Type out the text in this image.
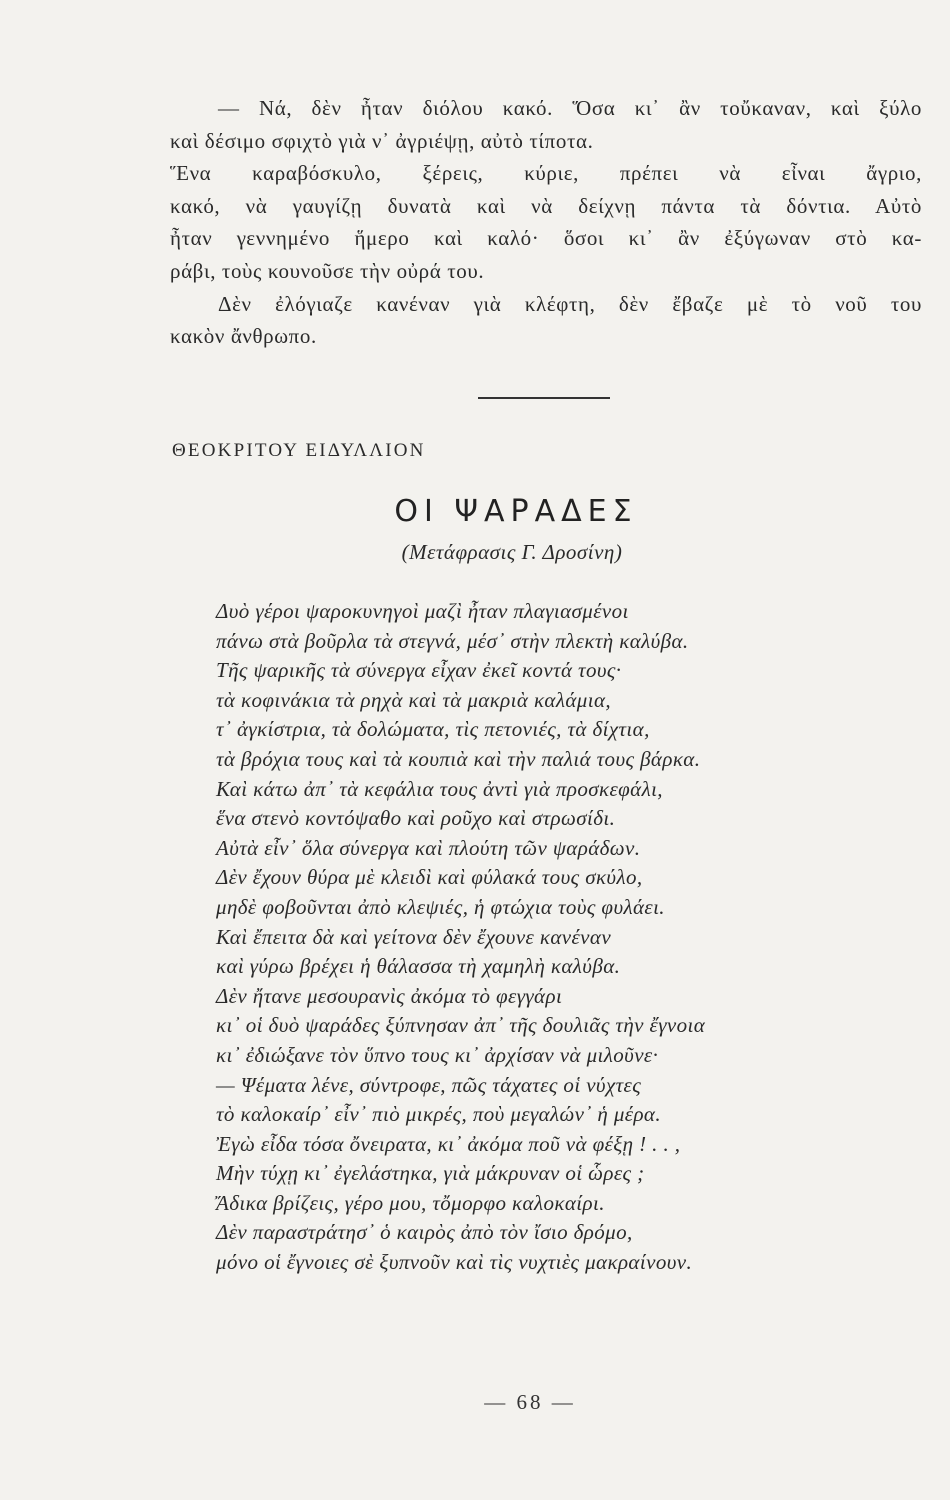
— Νά, δὲν ἦταν διόλου κακό. Ὅσα κι᾽ ἂν τοὔκαναν, καὶ ξύλο
καὶ δέσιμο σφιχτὸ γιὰ ν᾽ ἀγριέψῃ, αὐτὸ τίποτα.
Ἕνα καραβόσκυλο, ξέρεις, κύριε, πρέπει νὰ εἶναι ἄγριο,
κακό, νὰ γαυγίζῃ δυνατὰ καὶ νὰ δείχνῃ πάντα τὰ δόντια. Αὐτὸ
ἦταν γεννημένο ἥμερο καὶ καλό· ὅσοι κι᾽ ἂν ἐξύγωναν στὸ κα-
ράβι, τοὺς κουνοῦσε τὴν οὐρά του.
Δὲν ἐλόγιαζε κανέναν γιὰ κλέφτη, δὲν ἔβαζε μὲ τὸ νοῦ του
κακὸν ἄνθρωπο.
ΘΕΟΚΡΙΤΟΥ ΕΙΔΥΛΛΙΟΝ
ΟΙ ΨΑΡΑΔΕΣ
(Μετάφρασις Γ. Δροσίνη)
Δυὸ γέροι ψαροκυνηγοὶ μαζὶ ἦταν πλαγιασμένοι
πάνω στὰ βοῦρλα τὰ στεγνά, μέσ᾽ στὴν πλεκτὴ καλύβα.
Τῆς ψαρικῆς τὰ σύνεργα εἶχαν ἐκεῖ κοντά τους·
τὰ κοφινάκια τὰ ρηχὰ καὶ τὰ μακριὰ καλάμια,
τ᾽ ἀγκίστρια, τὰ δολώματα, τὶς πετονιές, τὰ δίχτια,
τὰ βρόχια τους καὶ τὰ κουπιὰ καὶ τὴν παλιά τους βάρκα.
Καὶ κάτω ἀπ᾽ τὰ κεφάλια τους ἀντὶ γιὰ προσκεφάλι,
ἕνα στενὸ κοντόψαθο καὶ ροῦχο καὶ στρωσίδι.
Αὐτὰ εἶν᾽ ὅλα σύνεργα καὶ πλούτη τῶν ψαράδων.
Δὲν ἔχουν θύρα μὲ κλειδὶ καὶ φύλακά τους σκύλο,
μηδὲ φοβοῦνται ἀπὸ κλεψιές, ἡ φτώχια τοὺς φυλάει.
Καὶ ἔπειτα δὰ καὶ γείτονα δὲν ἔχουνε κανέναν
καὶ γύρω βρέχει ἡ θάλασσα τὴ χαμηλὴ καλύβα.
Δὲν ἤτανε μεσουρανὶς ἀκόμα τὸ φεγγάρι
κι᾽ οἱ δυὸ ψαράδες ξύπνησαν ἀπ᾽ τῆς δουλιᾶς τὴν ἔγνοια
κι᾽ ἐδιώξανε τὸν ὕπνο τους κι᾽ ἀρχίσαν νὰ μιλοῦνε·
— Ψέματα λένε, σύντροφε, πῶς τάχατες οἱ νύχτες
τὸ καλοκαίρ᾽ εἶν᾽ πιὸ μικρές, ποὺ μεγαλών᾽ ἡ μέρα.
Ἐγὼ εἶδα τόσα ὄνειρατα, κι᾽ ἀκόμα ποῦ νὰ φέξῃ ! . . ,
Μὴν τύχῃ κι᾽ ἐγελάστηκα, γιὰ μάκρυναν οἱ ὧρες ;
Ἄδικα βρίζεις, γέρο μου, τὄμορφο καλοκαίρι.
Δὲν παραστράτησ᾽ ὁ καιρὸς ἀπὸ τὸν ἴσιο δρόμο,
μόνο οἱ ἔγνοιες σὲ ξυπνοῦν καὶ τὶς νυχτιὲς μακραίνουν.
— 68 —
